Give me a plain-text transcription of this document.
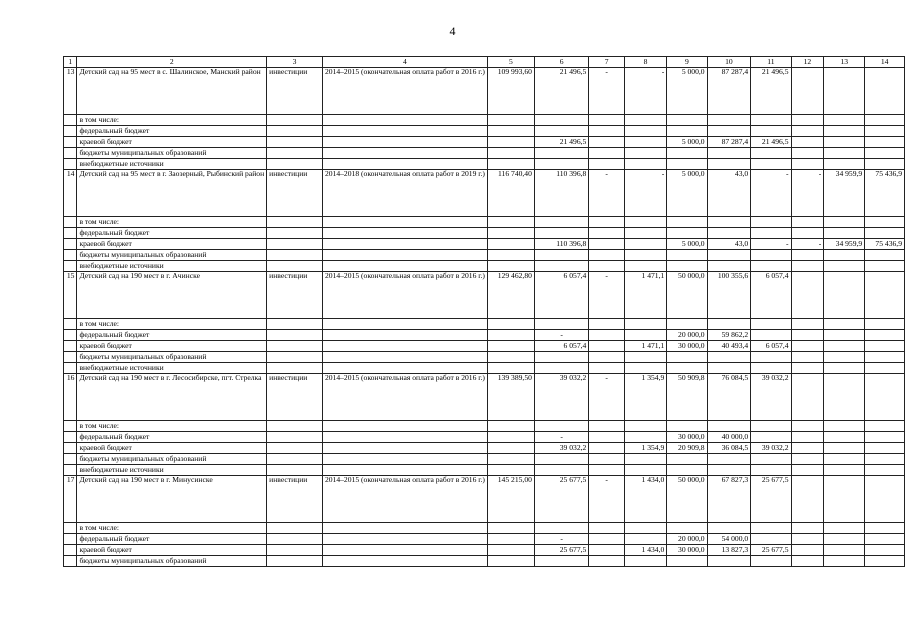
4
1	2	3	4	5	6	7	8	9	10	11	12	13	14
13	Детский сад на 95 мест в с. Шалинское, Манский район	инвестиции	2014–2015 (окончательная оплата работ в 2016 г.)	109 993,60	21 496,5	-	-	5 000,0	87 287,4	21 496,5			
	в том числе:												
	федеральный бюджет												
	краевой бюджет				21 496,5			5 000,0	87 287,4	21 496,5			
	бюджеты муниципальных образований												
	внебюджетные источники												
14	Детский сад на 95 мест в г. Заозерный, Рыбинский район	инвестиции	2014–2018 (окончательная оплата работ в 2019 г.)	116 740,40	110 396,8	-	-	5 000,0	43,0	-	-	34 959,9	75 436,9
	в том числе:												
	федеральный бюджет												
	краевой бюджет				110 396,8			5 000,0	43,0	-	-	34 959,9	75 436,9
	бюджеты муниципальных образований												
	внебюджетные источники												
15	Детский сад на 190 мест в г. Ачинске	инвестиции	2014–2015 (окончательная оплата работ в 2016 г.)	129 462,80	6 057,4	-	1 471,1	50 000,0	100 355,6	6 057,4			
	в том числе:												
	федеральный бюджет				-			20 000,0	59 862,2				
	краевой бюджет				6 057,4		1 471,1	30 000,0	40 493,4	6 057,4			
	бюджеты муниципальных образований												
	внебюджетные источники												
16	Детский сад на 190 мест в г. Лесосибирске, пгт. Стрелка	инвестиции	2014–2015 (окончательная оплата работ в 2016 г.)	139 389,50	39 032,2	-	1 354,9	50 909,8	76 084,5	39 032,2			
	в том числе:												
	федеральный бюджет				-			30 000,0	40 000,0				
	краевой бюджет				39 032,2		1 354,9	20 909,8	36 084,5	39 032,2			
	бюджеты муниципальных образований												
	внебюджетные источники												
17	Детский сад на 190 мест в г. Минусинске	инвестиции	2014–2015 (окончательная оплата работ в 2016 г.)	145 215,00	25 677,5	-	1 434,0	50 000,0	67 827,3	25 677,5			
	в том числе:												
	федеральный бюджет				-			20 000,0	54 000,0				
	краевой бюджет				25 677,5		1 434,0	30 000,0	13 827,3	25 677,5			
	бюджеты муниципальных образований												
